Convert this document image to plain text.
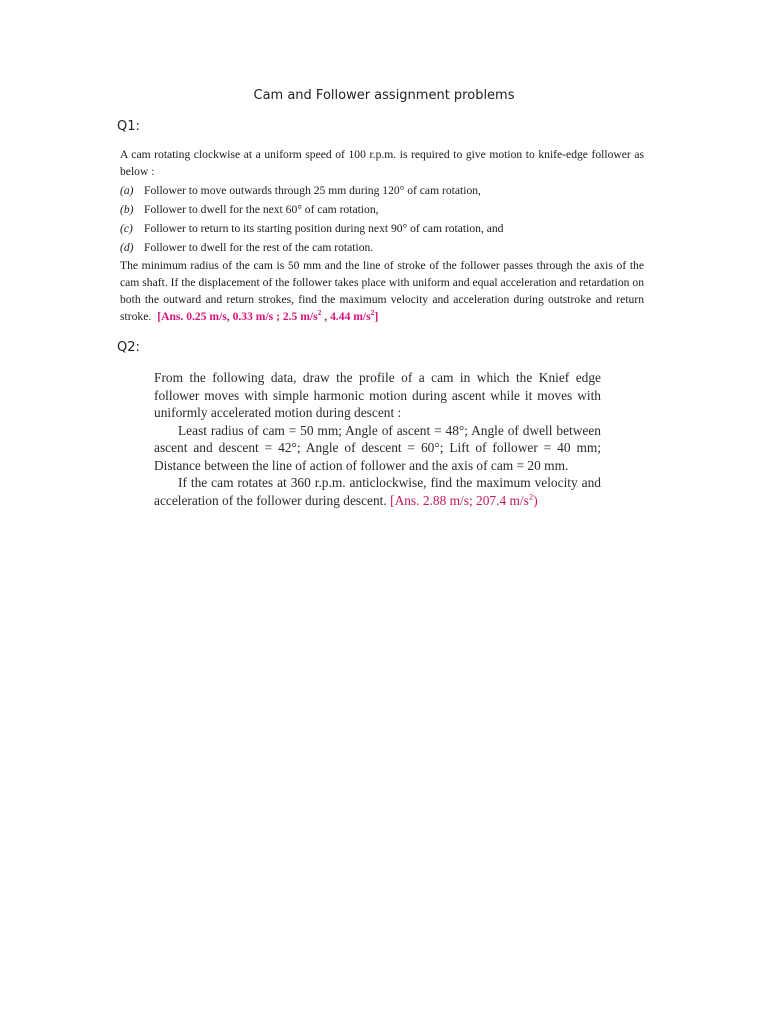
Cam and Follower assignment problems
Q1:

A cam rotating clockwise at a uniform speed of 100 r.p.m. is required to give motion to knife-edge follower as below :

(a) Follower to move outwards through 25 mm during 120° of cam rotation,
(b) Follower to dwell for the next 60° of cam rotation,
(c) Follower to return to its starting position during next 90° of cam rotation, and
(d) Follower to dwell for the rest of the cam rotation.

The minimum radius of the cam is 50 mm and the line of stroke of the follower passes through the axis of the cam shaft. If the displacement of the follower takes place with uniform and equal acceleration and retardation on both the outward and return strokes, find the maximum velocity and acceleration during outstroke and return stroke. [Ans. 0.25 m/s, 0.33 m/s ; 2.5 $m/s^2$ , 4.44 $m/s^2$]

Q2:

From the following data, draw the profile of a cam in which the Knief edge follower moves with simple harmonic motion during ascent while it moves with uniformly accelerated motion during descent :

Least radius of cam = 50 mm; Angle of ascent = 48°; Angle of dwell between ascent and descent = 42°; Angle of descent = 60°; Lift of follower = 40 mm; Distance between the line of action of follower and the axis of cam = 20 mm.

If the cam rotates at 360 r.p.m. anticlockwise, find the maximum velocity and acceleration of the follower during descent. [Ans. 2.88 m/s; 207.4 $m/s^2$)
